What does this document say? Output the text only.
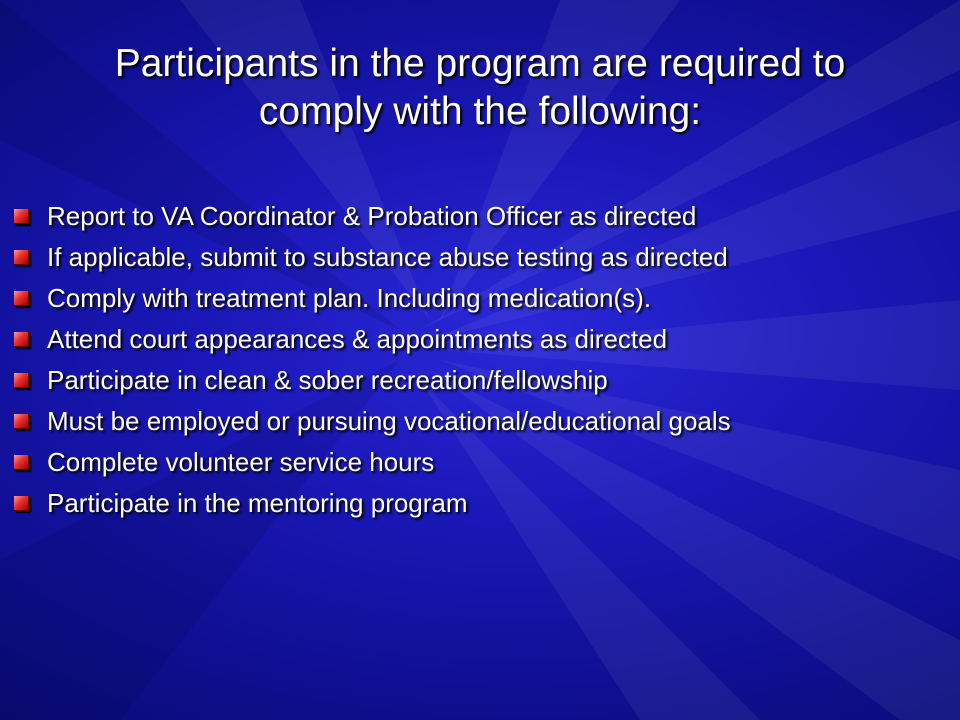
Participants in the program are required to comply with the following:
Report to VA Coordinator & Probation Officer as directed
If applicable, submit to substance abuse testing as directed
Comply with treatment plan. Including medication(s).
Attend court appearances & appointments as directed
Participate in clean & sober recreation/fellowship
Must be employed or pursuing vocational/educational goals
Complete volunteer service hours
Participate in the mentoring program
